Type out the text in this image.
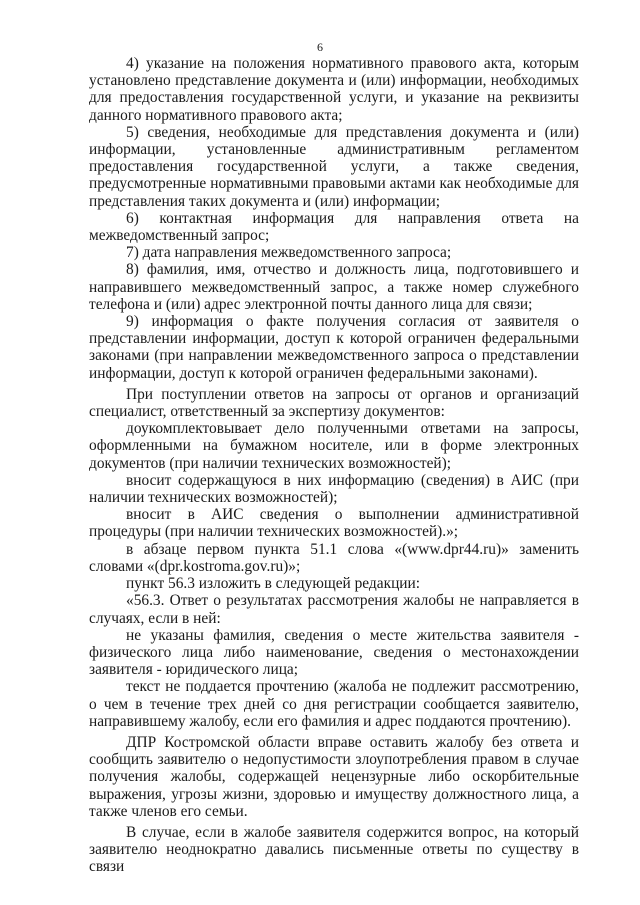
6

4) указание на положения нормативного правового акта, которым установлено представление документа и (или) информации, необходимых для предоставления государственной услуги, и указание на реквизиты данного нормативного правового акта;

5) сведения, необходимые для представления документа и (или) информации, установленные административным регламентом предоставления государственной услуги, а также сведения, предусмотренные нормативными правовыми актами как необходимые для представления таких документа и (или) информации;

6) контактная информация для направления ответа на межведомственный запрос;

7) дата направления межведомственного запроса;

8) фамилия, имя, отчество и должность лица, подготовившего и направившего межведомственный запрос, а также номер служебного телефона и (или) адрес электронной почты данного лица для связи;

9) информация о факте получения согласия от заявителя о представлении информации, доступ к которой ограничен федеральными законами (при направлении межведомственного запроса о представлении информации, доступ к которой ограничен федеральными законами).

При поступлении ответов на запросы от органов и организаций специалист, ответственный за экспертизу документов:

доукомплектовывает дело полученными ответами на запросы, оформленными на бумажном носителе, или в форме электронных документов (при наличии технических возможностей);

вносит содержащуюся в них информацию (сведения) в АИС (при наличии технических возможностей);

вносит в АИС сведения о выполнении административной процедуры (при наличии технических возможностей).»;

в абзаце первом пункта 51.1 слова «(www.dpr44.ru)» заменить словами «(dpr.kostroma.gov.ru)»;

пункт 56.3 изложить в следующей редакции:

«56.3. Ответ о результатах рассмотрения жалобы не направляется в случаях, если в ней:

не указаны фамилия, сведения о месте жительства заявителя - физического лица либо наименование, сведения о местонахождении заявителя - юридического лица;

текст не поддается прочтению (жалоба не подлежит рассмотрению, о чем в течение трех дней со дня регистрации сообщается заявителю, направившему жалобу, если его фамилия и адрес поддаются прочтению).

ДПР Костромской области вправе оставить жалобу без ответа и сообщить заявителю о недопустимости злоупотребления правом в случае получения жалобы, содержащей нецензурные либо оскорбительные выражения, угрозы жизни, здоровью и имуществу должностного лица, а также членов его семьи.

В случае, если в жалобе заявителя содержится вопрос, на который заявителю неоднократно давались письменные ответы по существу в связи
